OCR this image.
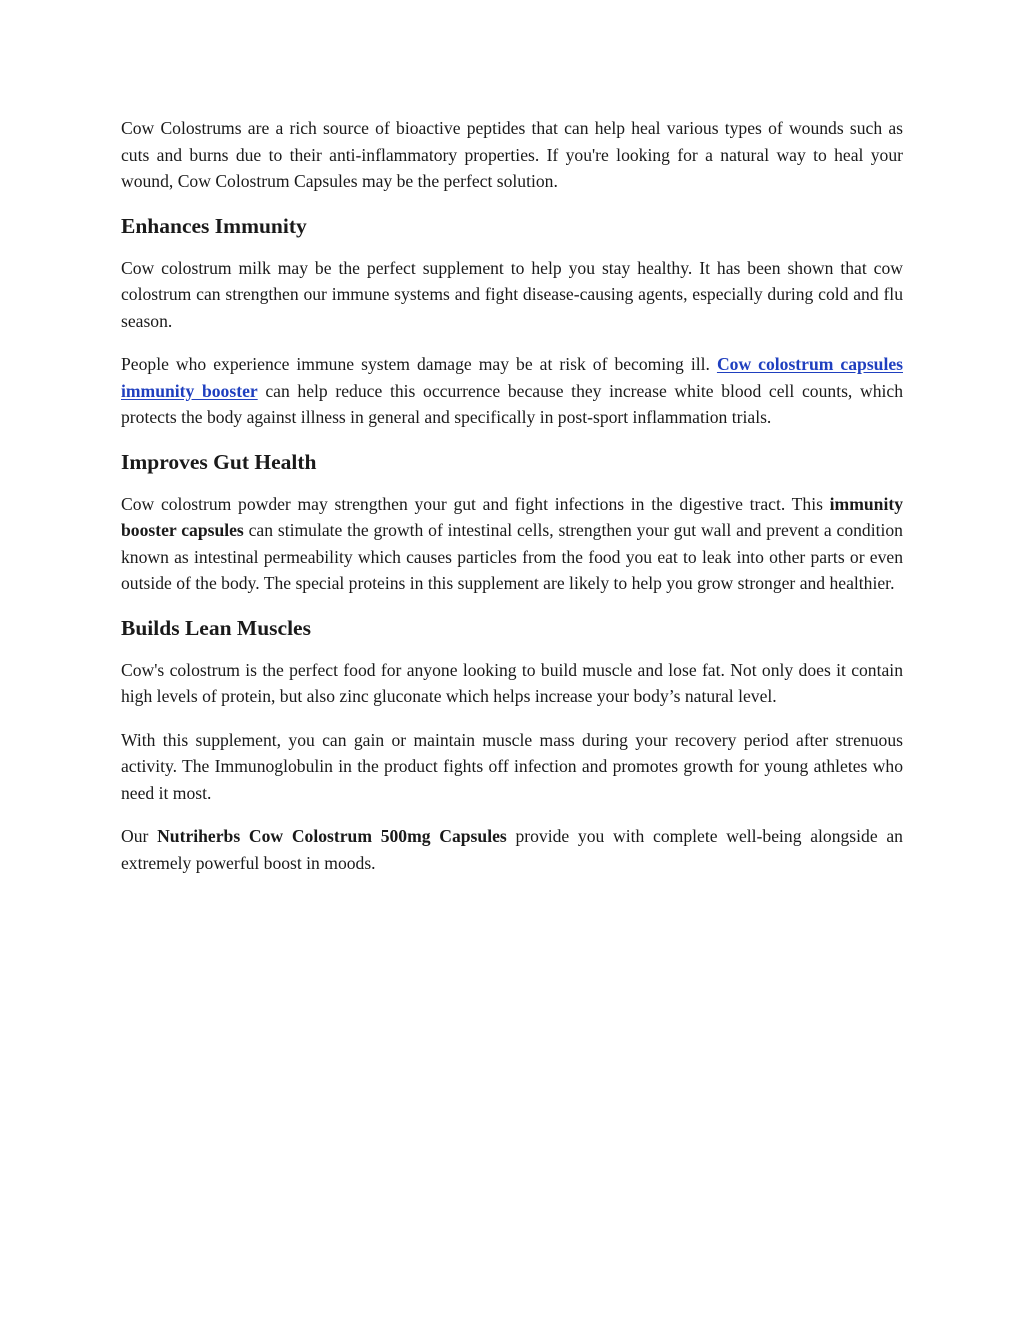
Cow Colostrums are a rich source of bioactive peptides that can help heal various types of wounds such as cuts and burns due to their anti-inflammatory properties. If you're looking for a natural way to heal your wound, Cow Colostrum Capsules may be the perfect solution.

Enhances Immunity

Cow colostrum milk may be the perfect supplement to help you stay healthy. It has been shown that cow colostrum can strengthen our immune systems and fight disease-causing agents, especially during cold and flu season.

People who experience immune system damage may be at risk of becoming ill. Cow colostrum capsules immunity booster can help reduce this occurrence because they increase white blood cell counts, which protects the body against illness in general and specifically in post-sport inflammation trials.

Improves Gut Health

Cow colostrum powder may strengthen your gut and fight infections in the digestive tract. This immunity booster capsules can stimulate the growth of intestinal cells, strengthen your gut wall and prevent a condition known as intestinal permeability which causes particles from the food you eat to leak into other parts or even outside of the body. The special proteins in this supplement are likely to help you grow stronger and healthier.

Builds Lean Muscles

Cow's colostrum is the perfect food for anyone looking to build muscle and lose fat. Not only does it contain high levels of protein, but also zinc gluconate which helps increase your body’s natural level.

With this supplement, you can gain or maintain muscle mass during your recovery period after strenuous activity. The Immunoglobulin in the product fights off infection and promotes growth for young athletes who need it most.

Our Nutriherbs Cow Colostrum 500mg Capsules provide you with complete well-being alongside an extremely powerful boost in moods.
